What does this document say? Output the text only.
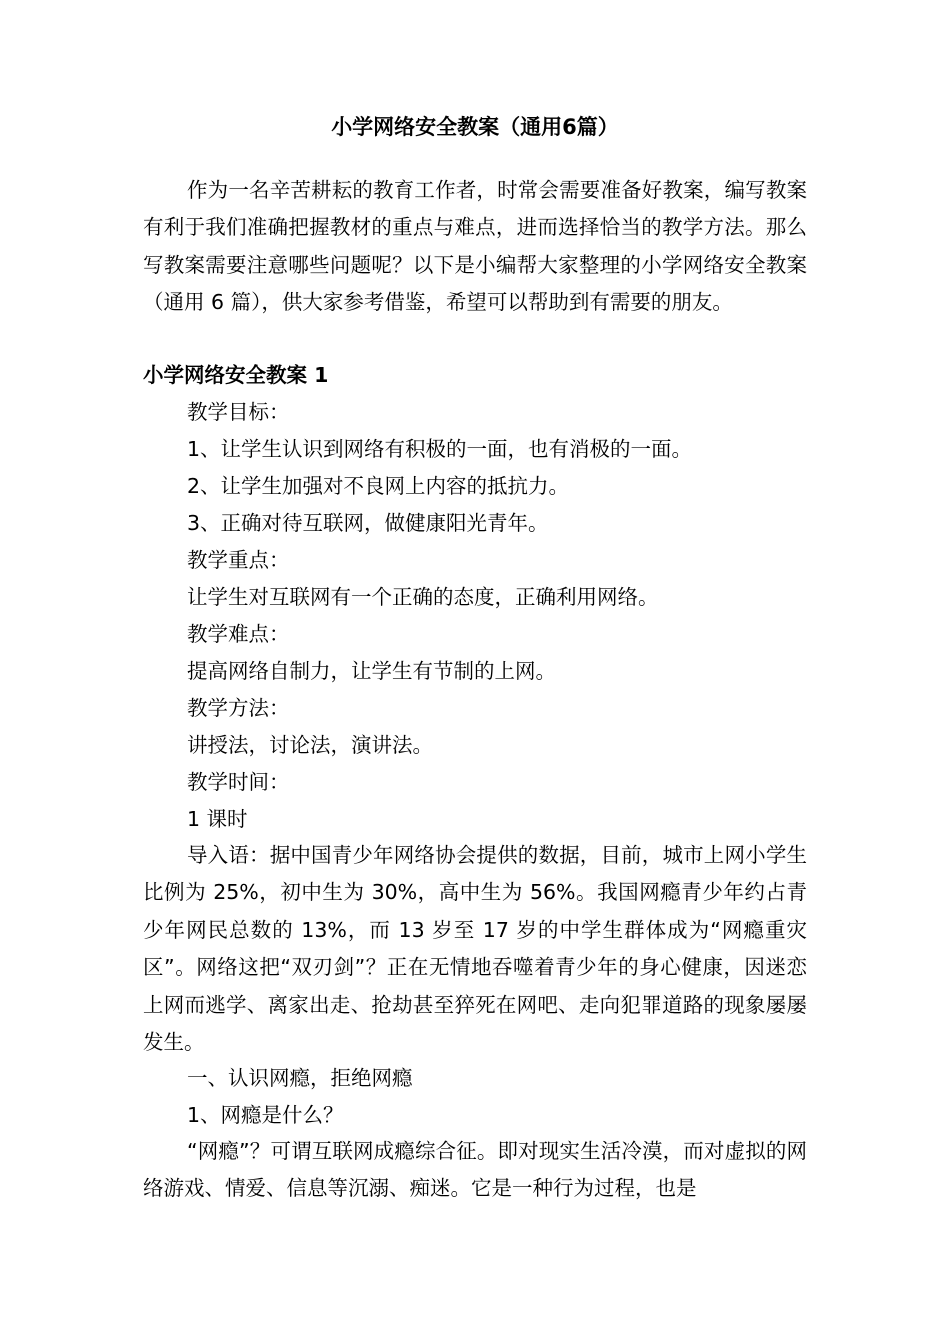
小学网络安全教案（通用6篇）

作为一名辛苦耕耘的教育工作者，时常会需要准备好教案，编写教案有利于我们准确把握教材的重点与难点，进而选择恰当的教学方法。那么写教案需要注意哪些问题呢？以下是小编帮大家整理的小学网络安全教案（通用 6 篇），供大家参考借鉴，希望可以帮助到有需要的朋友。

小学网络安全教案 1
教学目标：
1、让学生认识到网络有积极的一面，也有消极的一面。
2、让学生加强对不良网上内容的抵抗力。
3、正确对待互联网，做健康阳光青年。
教学重点：
让学生对互联网有一个正确的态度，正确利用网络。
教学难点：
提高网络自制力，让学生有节制的上网。
教学方法：
讲授法，讨论法，演讲法。
教学时间：
1 课时

导入语：据中国青少年网络协会提供的数据，目前，城市上网小学生比例为 25%，初中生为 30%，高中生为 56%。我国网瘾青少年约占青少年网民总数的 13%，而 13 岁至 17 岁的中学生群体成为“网瘾重灾区”。网络这把“双刃剑”？正在无情地吞噬着青少年的身心健康，因迷恋上网而逃学、离家出走、抢劫甚至猝死在网吧、走向犯罪道路的现象屡屡发生。

一、认识网瘾，拒绝网瘾
1、网瘾是什么？

“网瘾”？可谓互联网成瘾综合征。即对现实生活冷漠，而对虚拟的网络游戏、情爱、信息等沉溺、痴迷。它是一种行为过程，也是
